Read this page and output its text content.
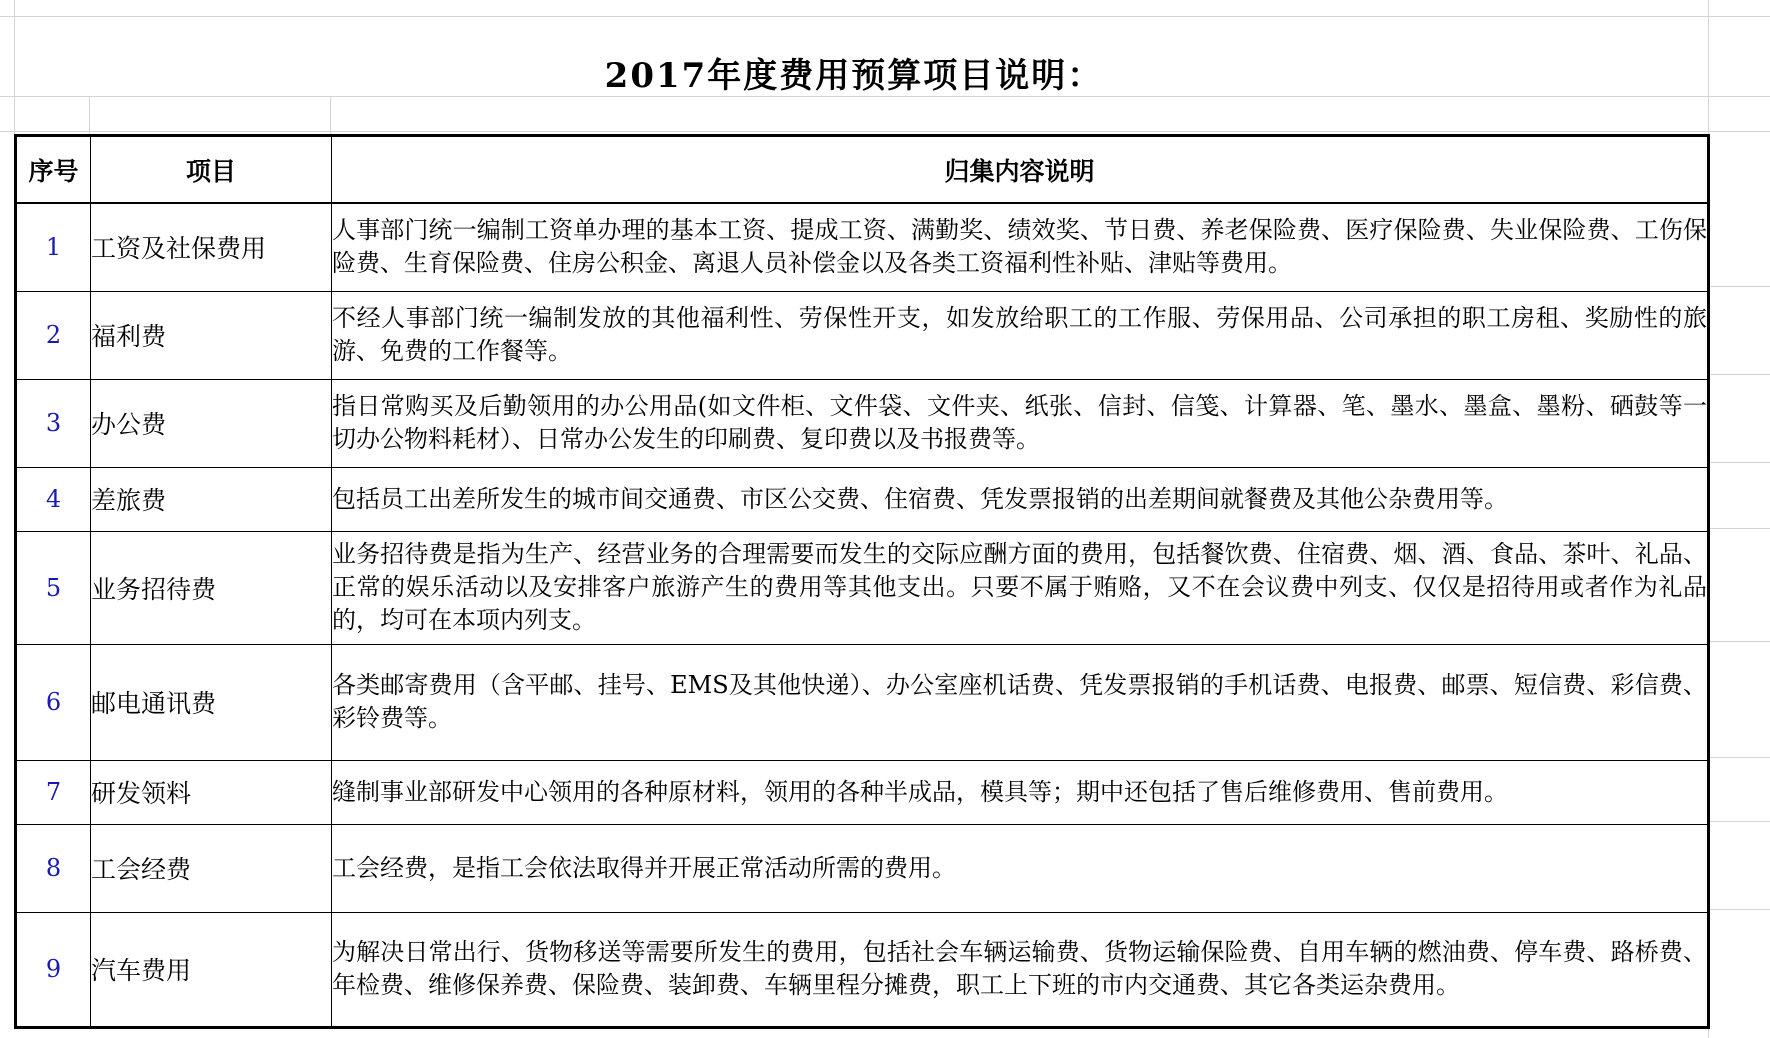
2017年度费用预算项目说明：
序号	项目	归集内容说明
1	工资及社保费用	人事部门统一编制工资单办理的基本工资、提成工资、满勤奖、绩效奖、节日费、养老保险费、医疗保险费、失业保险费、工伤保险费、生育保险费、住房公积金、离退人员补偿金以及各类工资福利性补贴、津贴等费用。
2	福利费	不经人事部门统一编制发放的其他福利性、劳保性开支，如发放给职工的工作服、劳保用品、公司承担的职工房租、奖励性的旅游、免费的工作餐等。
3	办公费	指日常购买及后勤领用的办公用品(如文件柜、文件袋、文件夹、纸张、信封、信笺、计算器、笔、墨水、墨盒、墨粉、硒鼓等一切办公物料耗材）、日常办公发生的印刷费、复印费以及书报费等。
4	差旅费	包括员工出差所发生的城市间交通费、市区公交费、住宿费、凭发票报销的出差期间就餐费及其他公杂费用等。
5	业务招待费	业务招待费是指为生产、经营业务的合理需要而发生的交际应酬方面的费用，包括餐饮费、住宿费、烟、酒、食品、茶叶、礼品、正常的娱乐活动以及安排客户旅游产生的费用等其他支出。只要不属于贿赂，又不在会议费中列支、仅仅是招待用或者作为礼品的，均可在本项内列支。
6	邮电通讯费	各类邮寄费用（含平邮、挂号、EMS及其他快递）、办公室座机话费、凭发票报销的手机话费、电报费、邮票、短信费、彩信费、彩铃费等。
7	研发领料	缝制事业部研发中心领用的各种原材料，领用的各种半成品，模具等；期中还包括了售后维修费用、售前费用。
8	工会经费	工会经费，是指工会依法取得并开展正常活动所需的费用。
9	汽车费用	为解决日常出行、货物移送等需要所发生的费用，包括社会车辆运输费、货物运输保险费、自用车辆的燃油费、停车费、路桥费、年检费、维修保养费、保险费、装卸费、车辆里程分摊费，职工上下班的市内交通费、其它各类运杂费用。
